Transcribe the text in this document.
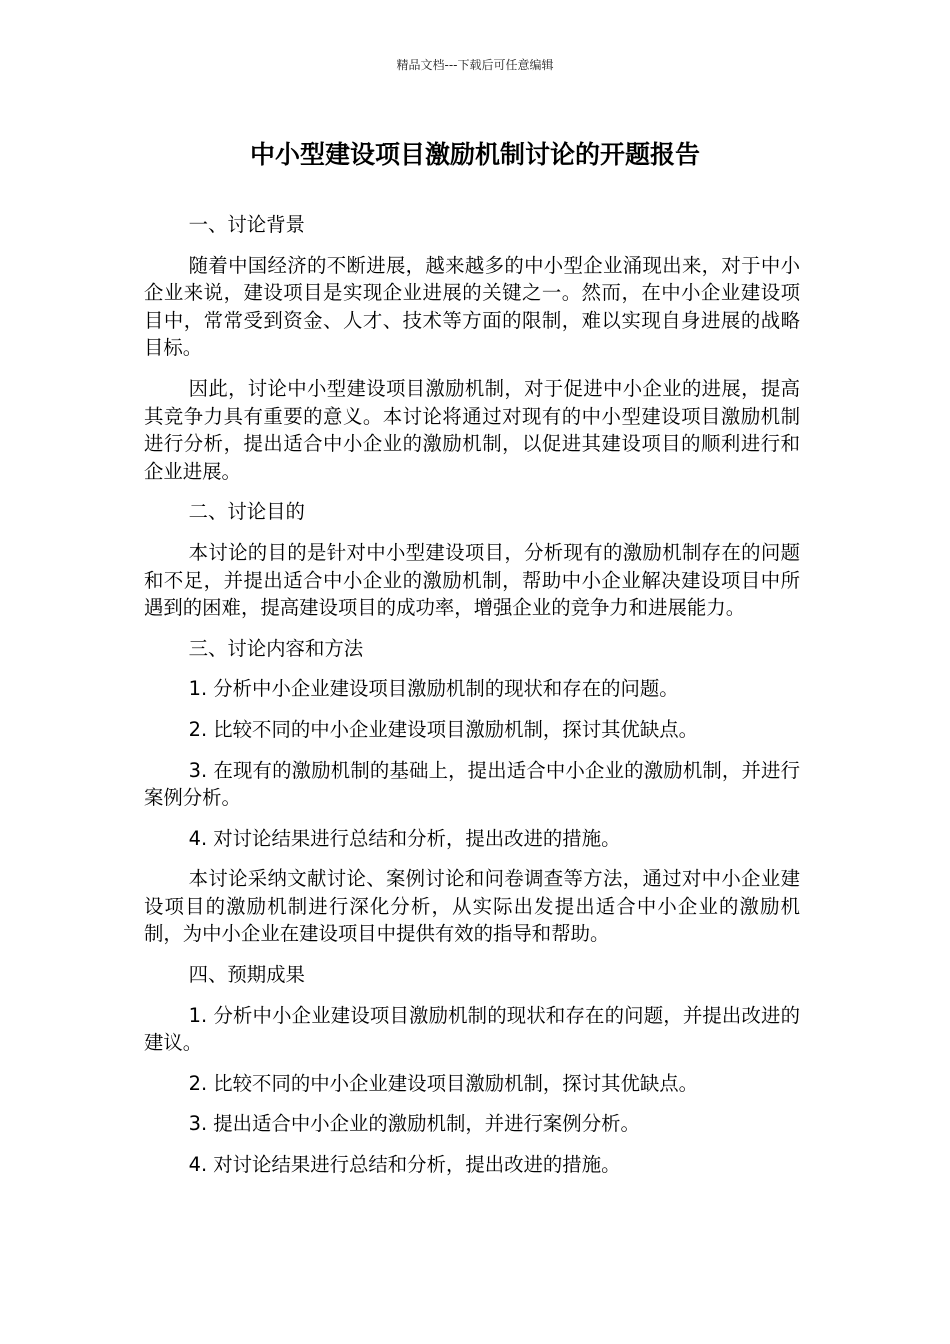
精品文档---下载后可任意编辑
中小型建设项目激励机制讨论的开题报告

一、讨论背景

随着中国经济的不断进展，越来越多的中小型企业涌现出来，对于中小企业来说，建设项目是实现企业进展的关键之一。然而，在中小企业建设项目中，常常受到资金、人才、技术等方面的限制，难以实现自身进展的战略目标。

因此，讨论中小型建设项目激励机制，对于促进中小企业的进展，提高其竞争力具有重要的意义。本讨论将通过对现有的中小型建设项目激励机制进行分析，提出适合中小企业的激励机制，以促进其建设项目的顺利进行和企业进展。

二、讨论目的

本讨论的目的是针对中小型建设项目，分析现有的激励机制存在的问题和不足，并提出适合中小企业的激励机制，帮助中小企业解决建设项目中所遇到的困难，提高建设项目的成功率，增强企业的竞争力和进展能力。

三、讨论内容和方法

1. 分析中小企业建设项目激励机制的现状和存在的问题。

2. 比较不同的中小企业建设项目激励机制，探讨其优缺点。

3. 在现有的激励机制的基础上，提出适合中小企业的激励机制，并进行案例分析。

4. 对讨论结果进行总结和分析，提出改进的措施。

本讨论采纳文献讨论、案例讨论和问卷调查等方法，通过对中小企业建设项目的激励机制进行深化分析，从实际出发提出适合中小企业的激励机制，为中小企业在建设项目中提供有效的指导和帮助。

四、预期成果

1. 分析中小企业建设项目激励机制的现状和存在的问题，并提出改进的建议。

2. 比较不同的中小企业建设项目激励机制，探讨其优缺点。

3. 提出适合中小企业的激励机制，并进行案例分析。

4. 对讨论结果进行总结和分析，提出改进的措施。
